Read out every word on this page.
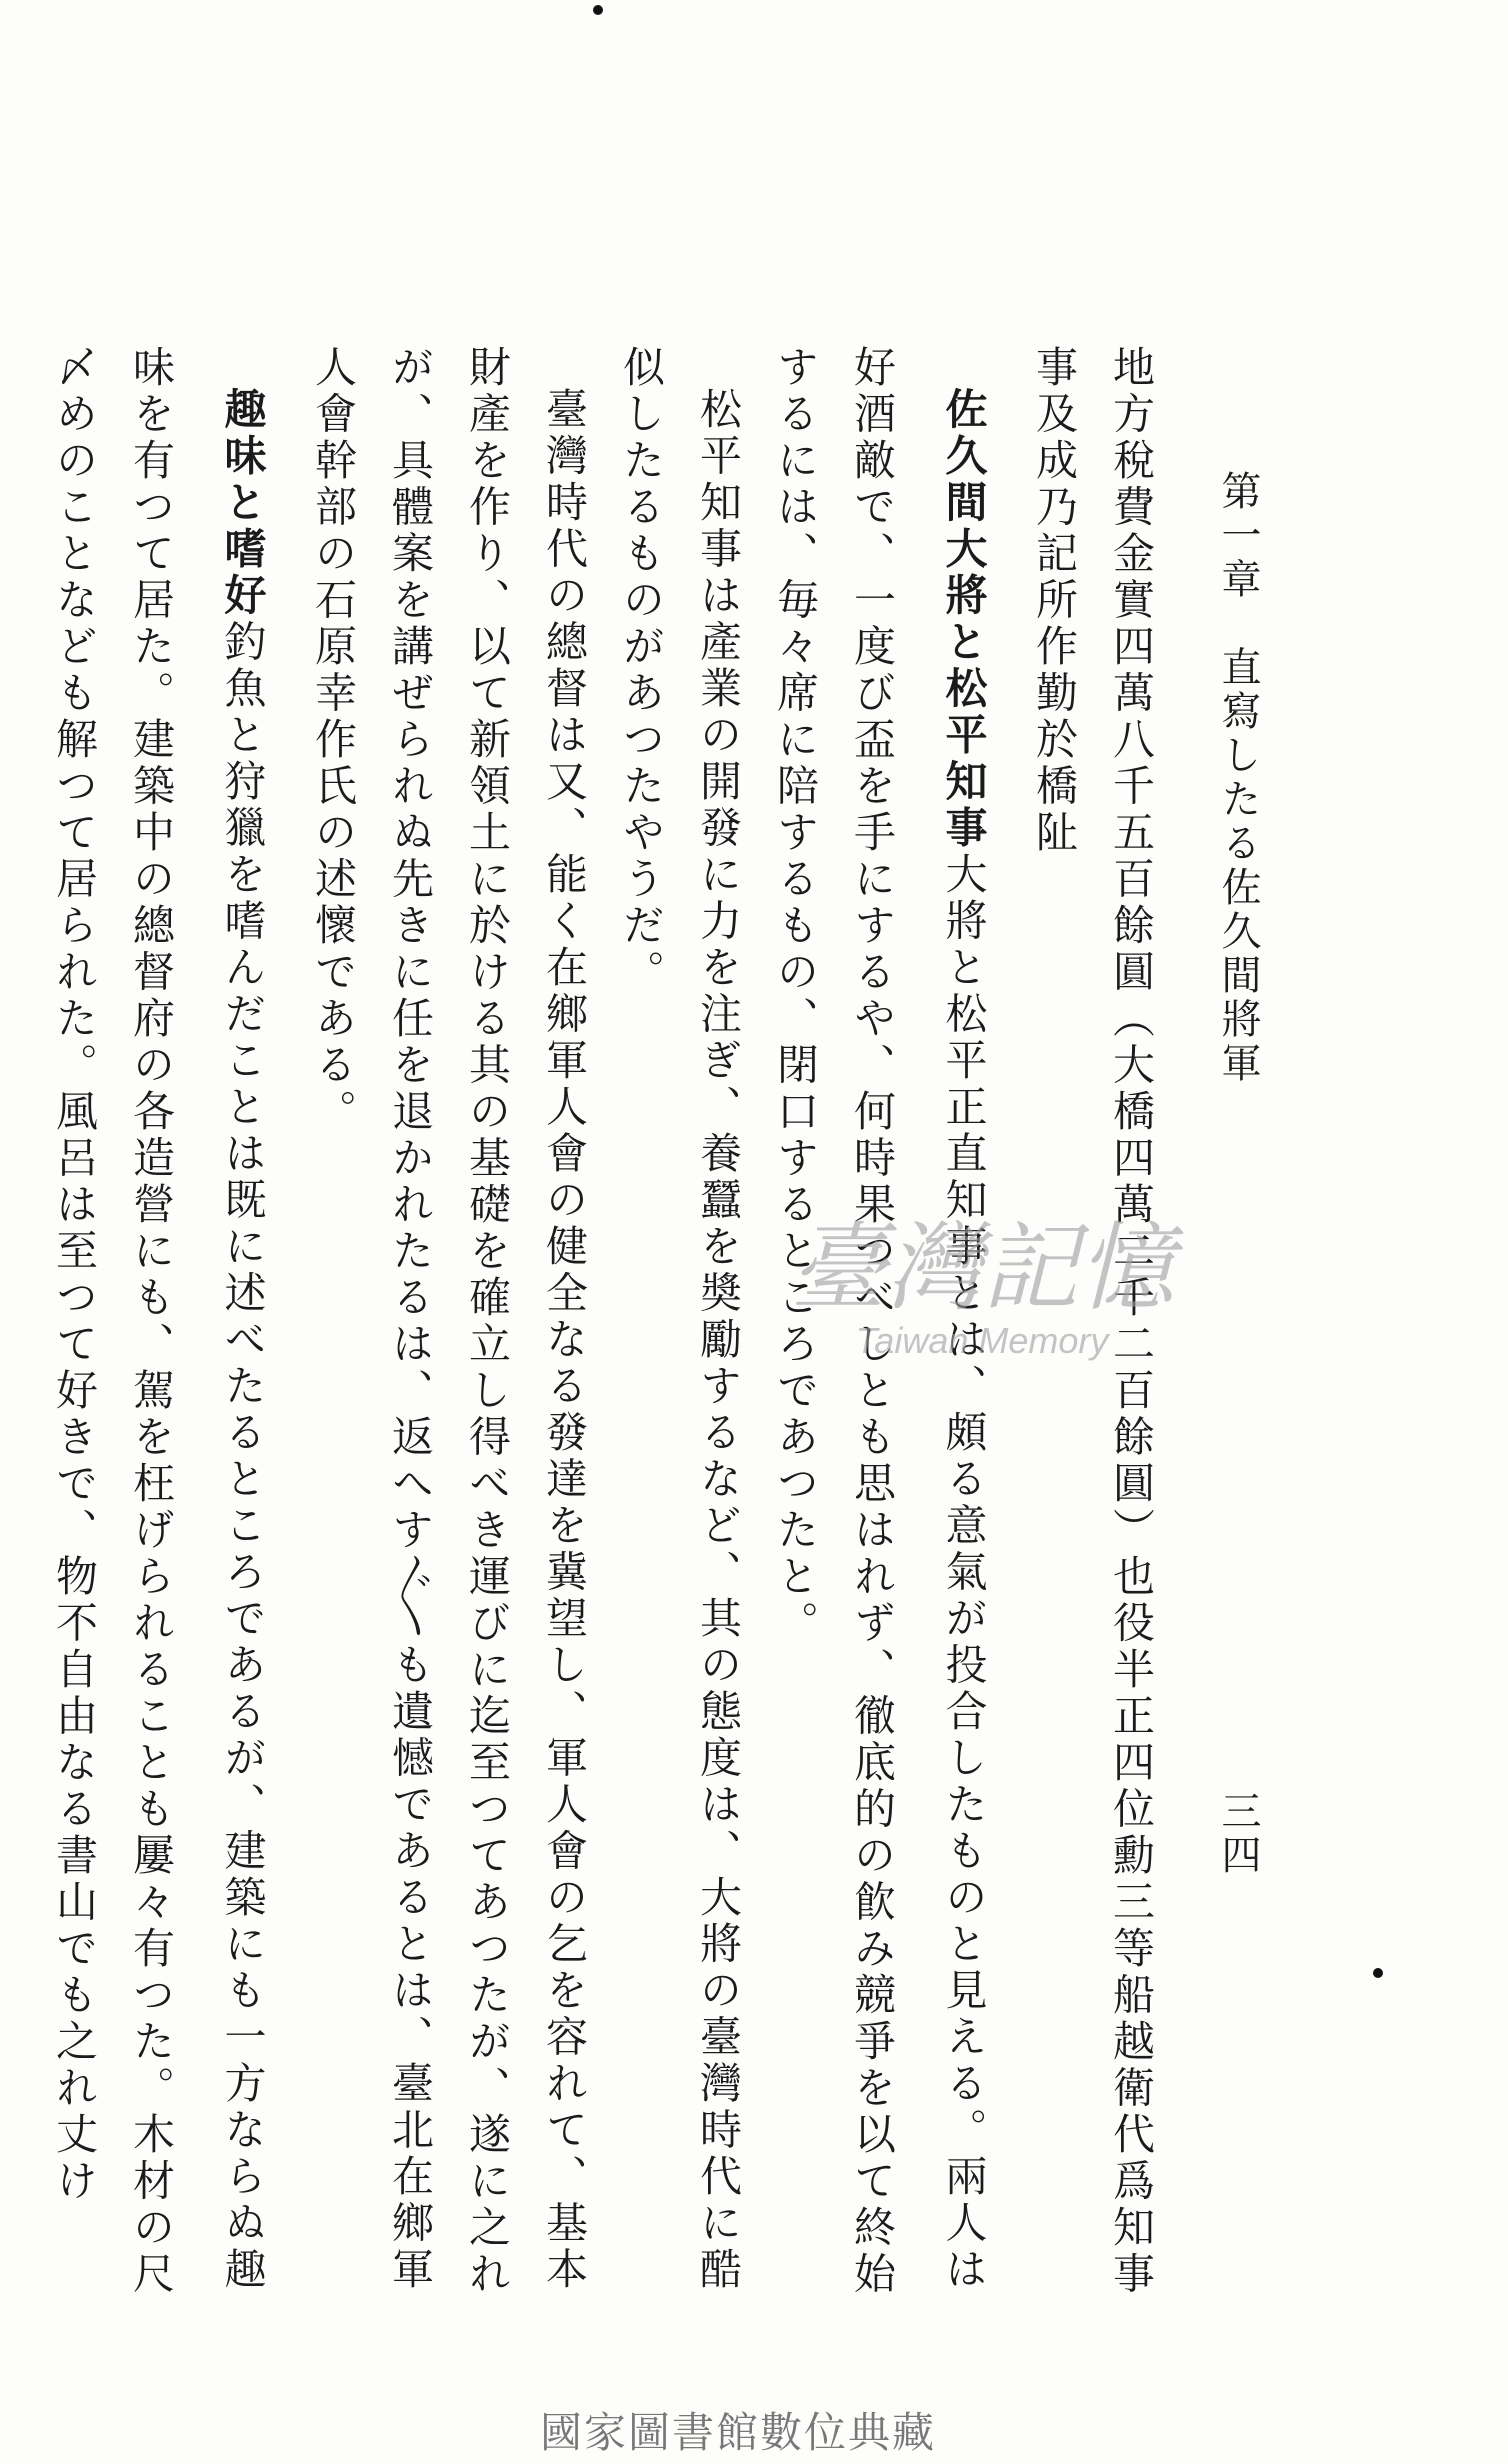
第一章　直寫したる佐久間將軍
三四

地方稅費金實四萬八千五百餘圓（大橋四萬二千二百餘圓）也役半正四位勳三等船越衛代爲知事事及成乃記所作勤於橋阯

佐久間大將と松平知事大將と松平正直知事とは、頗る意氣が投合したものと見える。兩人は好酒敵で、一度び盃を手にするや、何時果つべしとも思はれず、徹底的の飮み競爭を以て終始するには、毎々席に陪するもの、閉口するところであつたと。

松平知事は產業の開發に力を注ぎ、養蠶を奬勵するなど、其の態度は、大將の臺灣時代に酷似したるものがあつたやうだ。

臺灣時代の總督は又、能く在鄉軍人會の健全なる發達を冀望し、軍人會の乞を容れて、基本財產を作り、以て新領土に於ける其の基礎を確立し得べき運びに迄至つてあつたが、遂に之れが、具體案を講ぜられぬ先きに任を退かれたるは、返へす〴〵も遺憾であるとは、臺北在鄉軍人會幹部の石原幸作氏の述懷である。

趣味と嗜好釣魚と狩獵を嗜んだことは既に述べたるところであるが、建築にも一方ならぬ趣味を有つて居た。建築中の總督府の各造營にも、駕を枉げられることも屢々有つた。木材の尺〆めのことなども解つて居られた。風呂は至つて好きで、物不自由なる書山でも之れ丈け	臺灣記憶
Taiwan Memory
國家圖書館數位典藏
